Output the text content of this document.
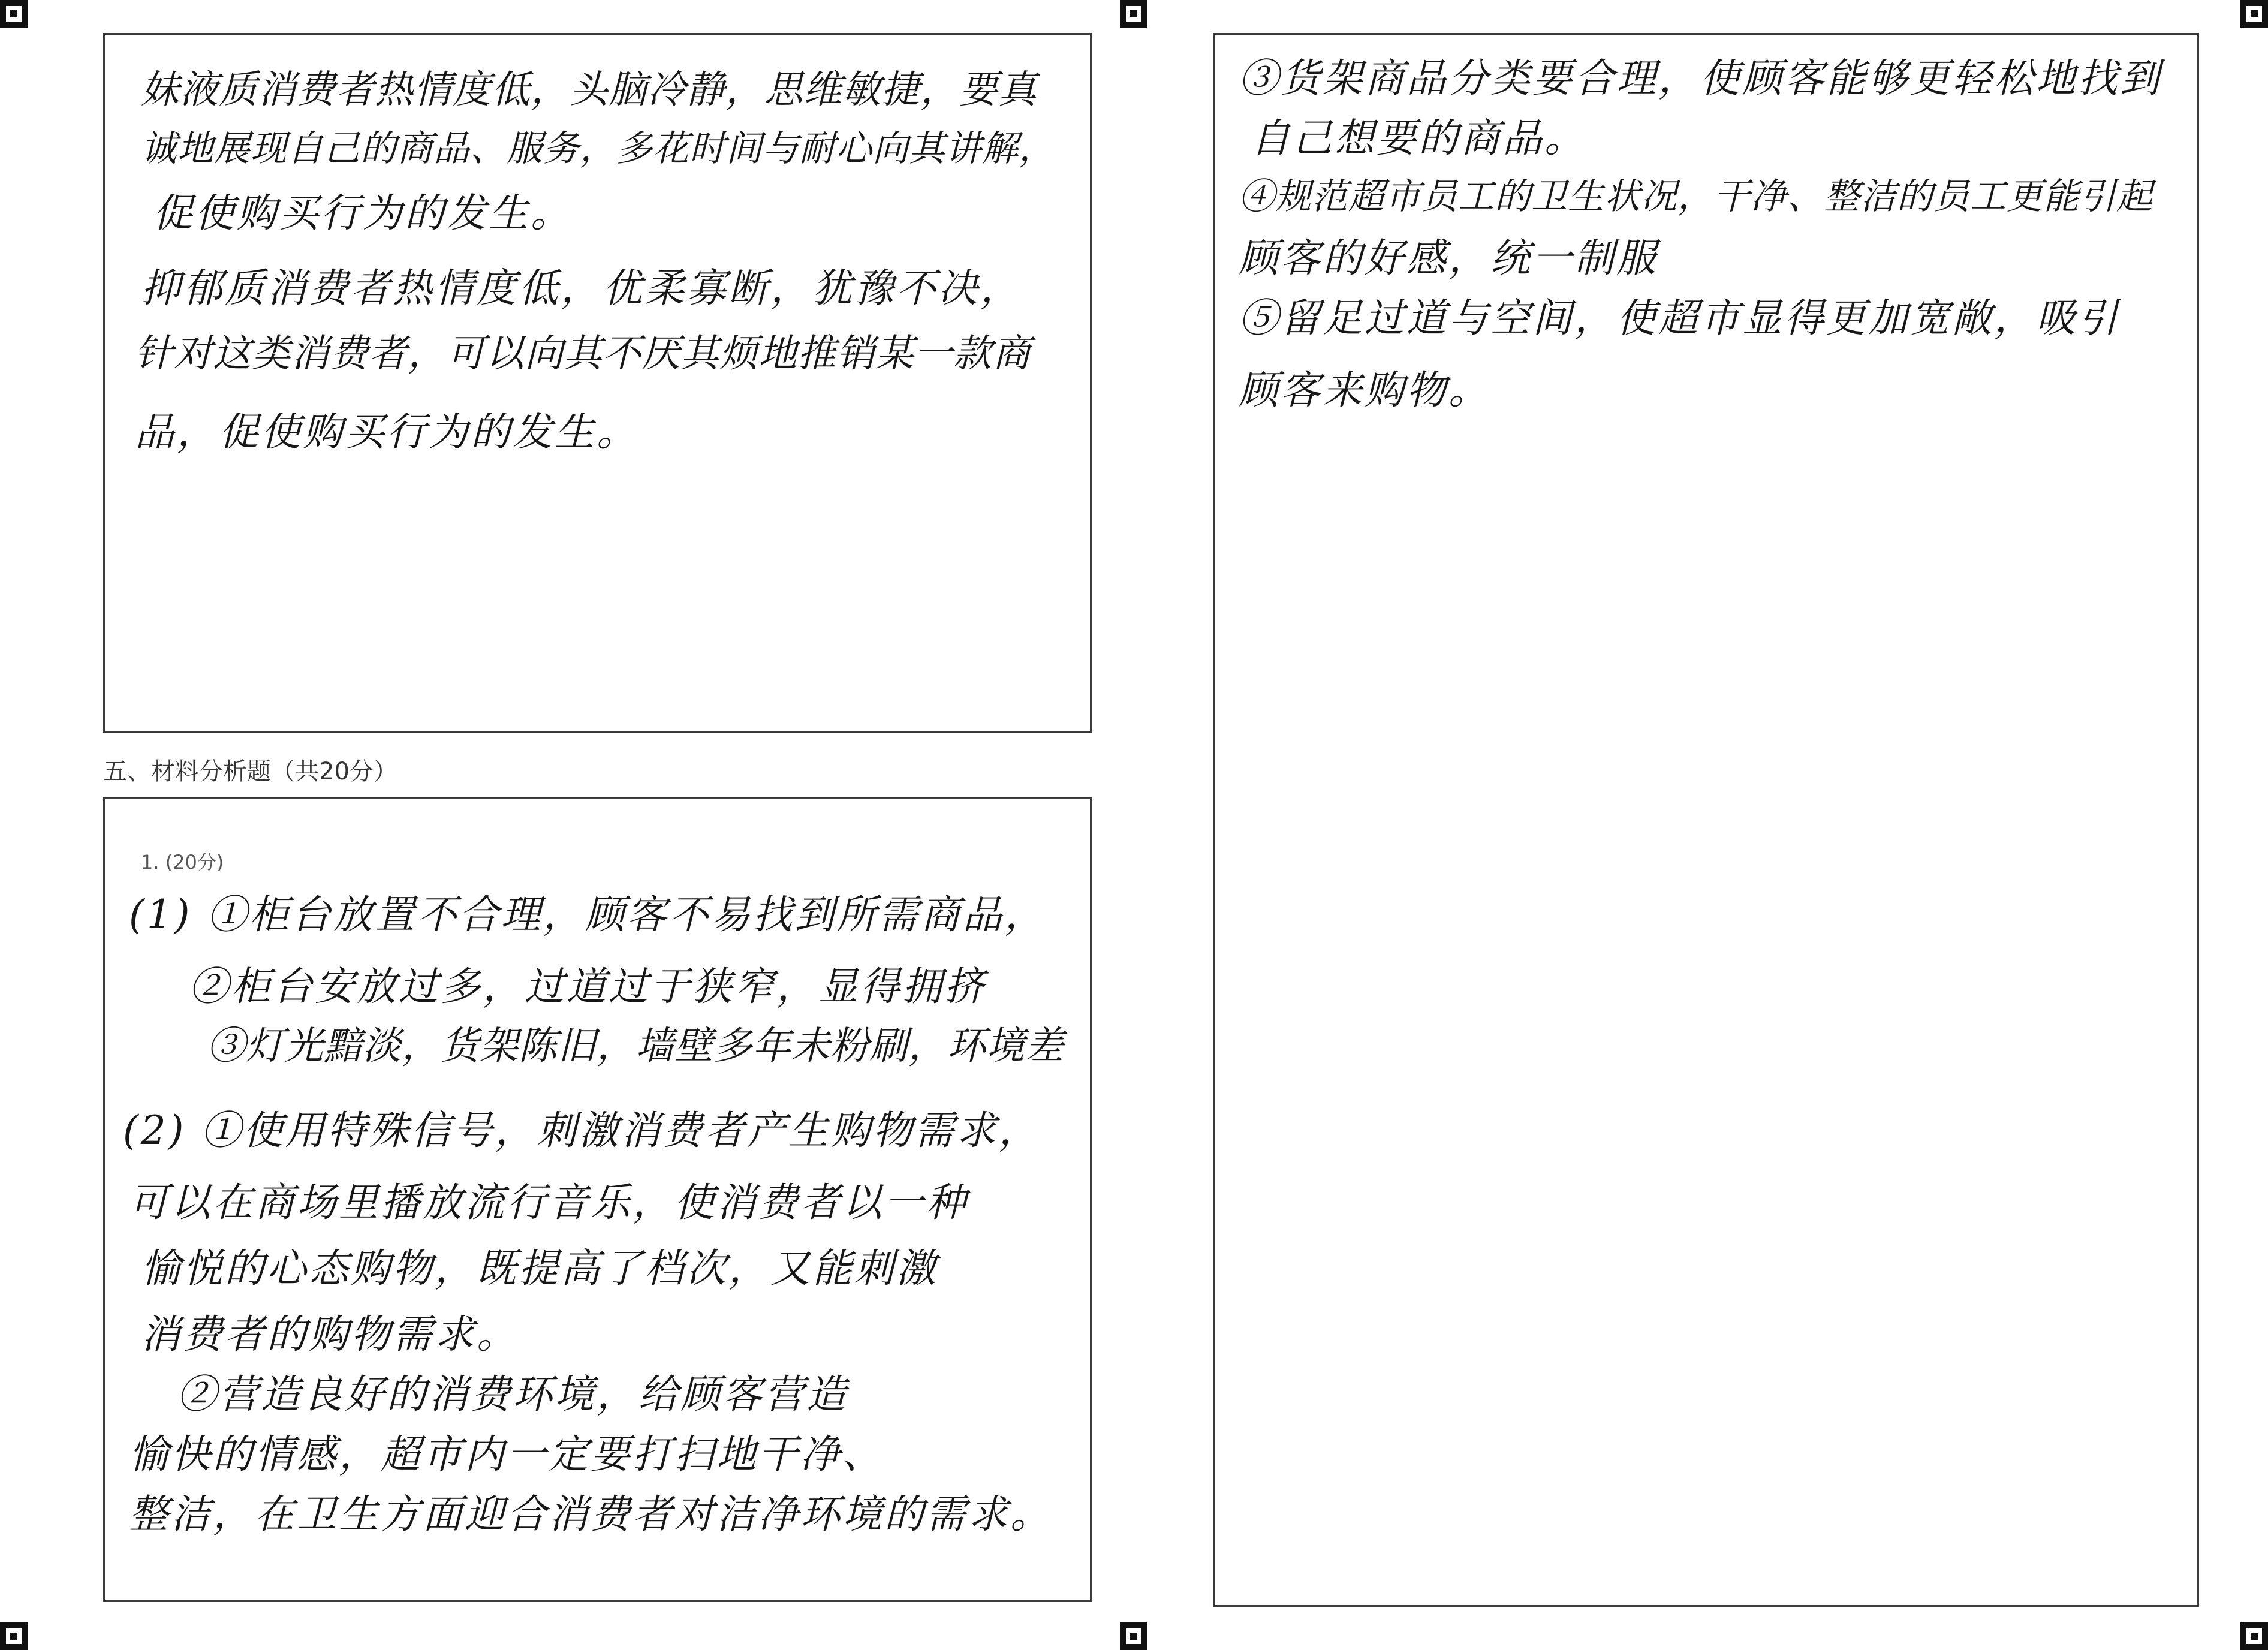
妹液质消费者热情度低，头脑冷静，思维敏捷，要真
诚地展现自己的商品、服务，多花时间与耐心向其讲解，
促使购买行为的发生。
抑郁质消费者热情度低，优柔寡断，犹豫不决，
针对这类消费者，可以向其不厌其烦地推销某一款商
品，促使购买行为的发生。
五、材料分析题（共20分）
1. (20分)
(1) ①柜台放置不合理，顾客不易找到所需商品，
②柜台安放过多，过道过于狭窄，显得拥挤
③灯光黯淡，货架陈旧，墙壁多年未粉刷，环境差
(2) ①使用特殊信号，刺激消费者产生购物需求，
可以在商场里播放流行音乐，使消费者以一种
愉悦的心态购物，既提高了档次，又能刺激
消费者的购物需求。
②营造良好的消费环境，给顾客营造
愉快的情感，超市内一定要打扫地干净、
整洁，在卫生方面迎合消费者对洁净环境的需求。
③货架商品分类要合理，使顾客能够更轻松地找到
自己想要的商品。
④规范超市员工的卫生状况，干净、整洁的员工更能引起
顾客的好感，统一制服
⑤留足过道与空间，使超市显得更加宽敞，吸引
顾客来购物。
